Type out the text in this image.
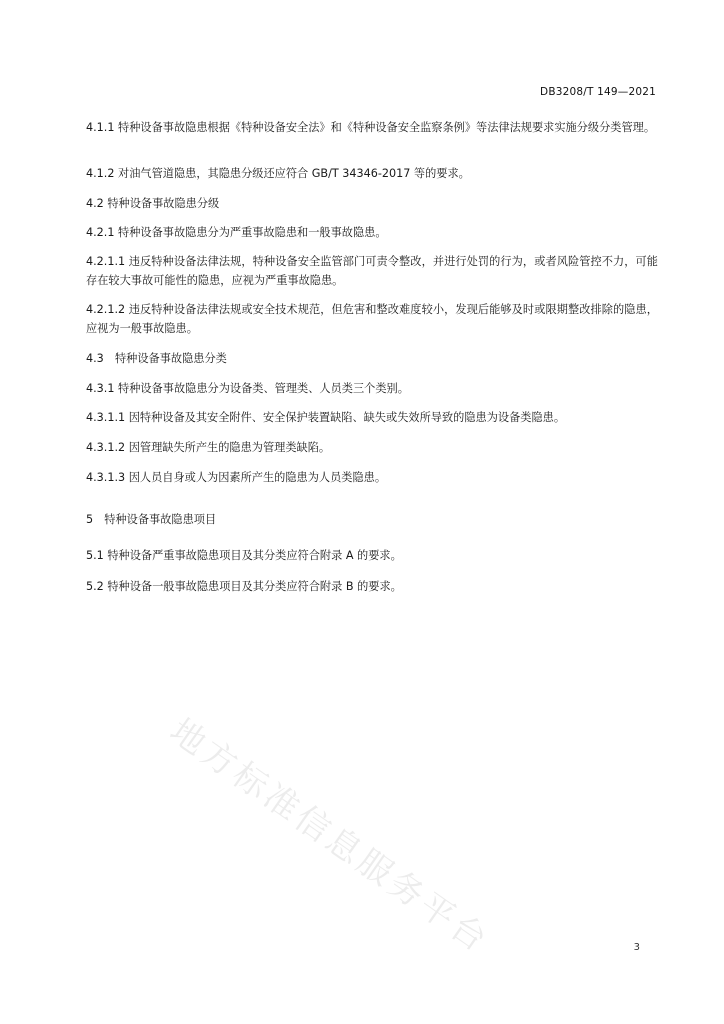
DB3208/T 149—2021

4.1.1 特种设备事故隐患根据《特种设备安全法》和《特种设备安全监察条例》等法律法规要求实施分级分类管理。

4.1.2 对油气管道隐患，其隐患分级还应符合 GB/T 34346-2017 等的要求。

4.2 特种设备事故隐患分级

4.2.1 特种设备事故隐患分为严重事故隐患和一般事故隐患。

4.2.1.1 违反特种设备法律法规，特种设备安全监管部门可责令整改，并进行处罚的行为，或者风险管控不力，可能存在较大事故可能性的隐患，应视为严重事故隐患。

4.2.1.2 违反特种设备法律法规或安全技术规范，但危害和整改难度较小，发现后能够及时或限期整改排除的隐患，应视为一般事故隐患。

4.3　特种设备事故隐患分类

4.3.1 特种设备事故隐患分为设备类、管理类、人员类三个类别。

4.3.1.1 因特种设备及其安全附件、安全保护装置缺陷、缺失或失效所导致的隐患为设备类隐患。

4.3.1.2 因管理缺失所产生的隐患为管理类缺陷。

4.3.1.3 因人员自身或人为因素所产生的隐患为人员类隐患。

5　特种设备事故隐患项目

5.1 特种设备严重事故隐患项目及其分类应符合附录 A 的要求。

5.2 特种设备一般事故隐患项目及其分类应符合附录 B 的要求。

地方标准信息服务平台	3
